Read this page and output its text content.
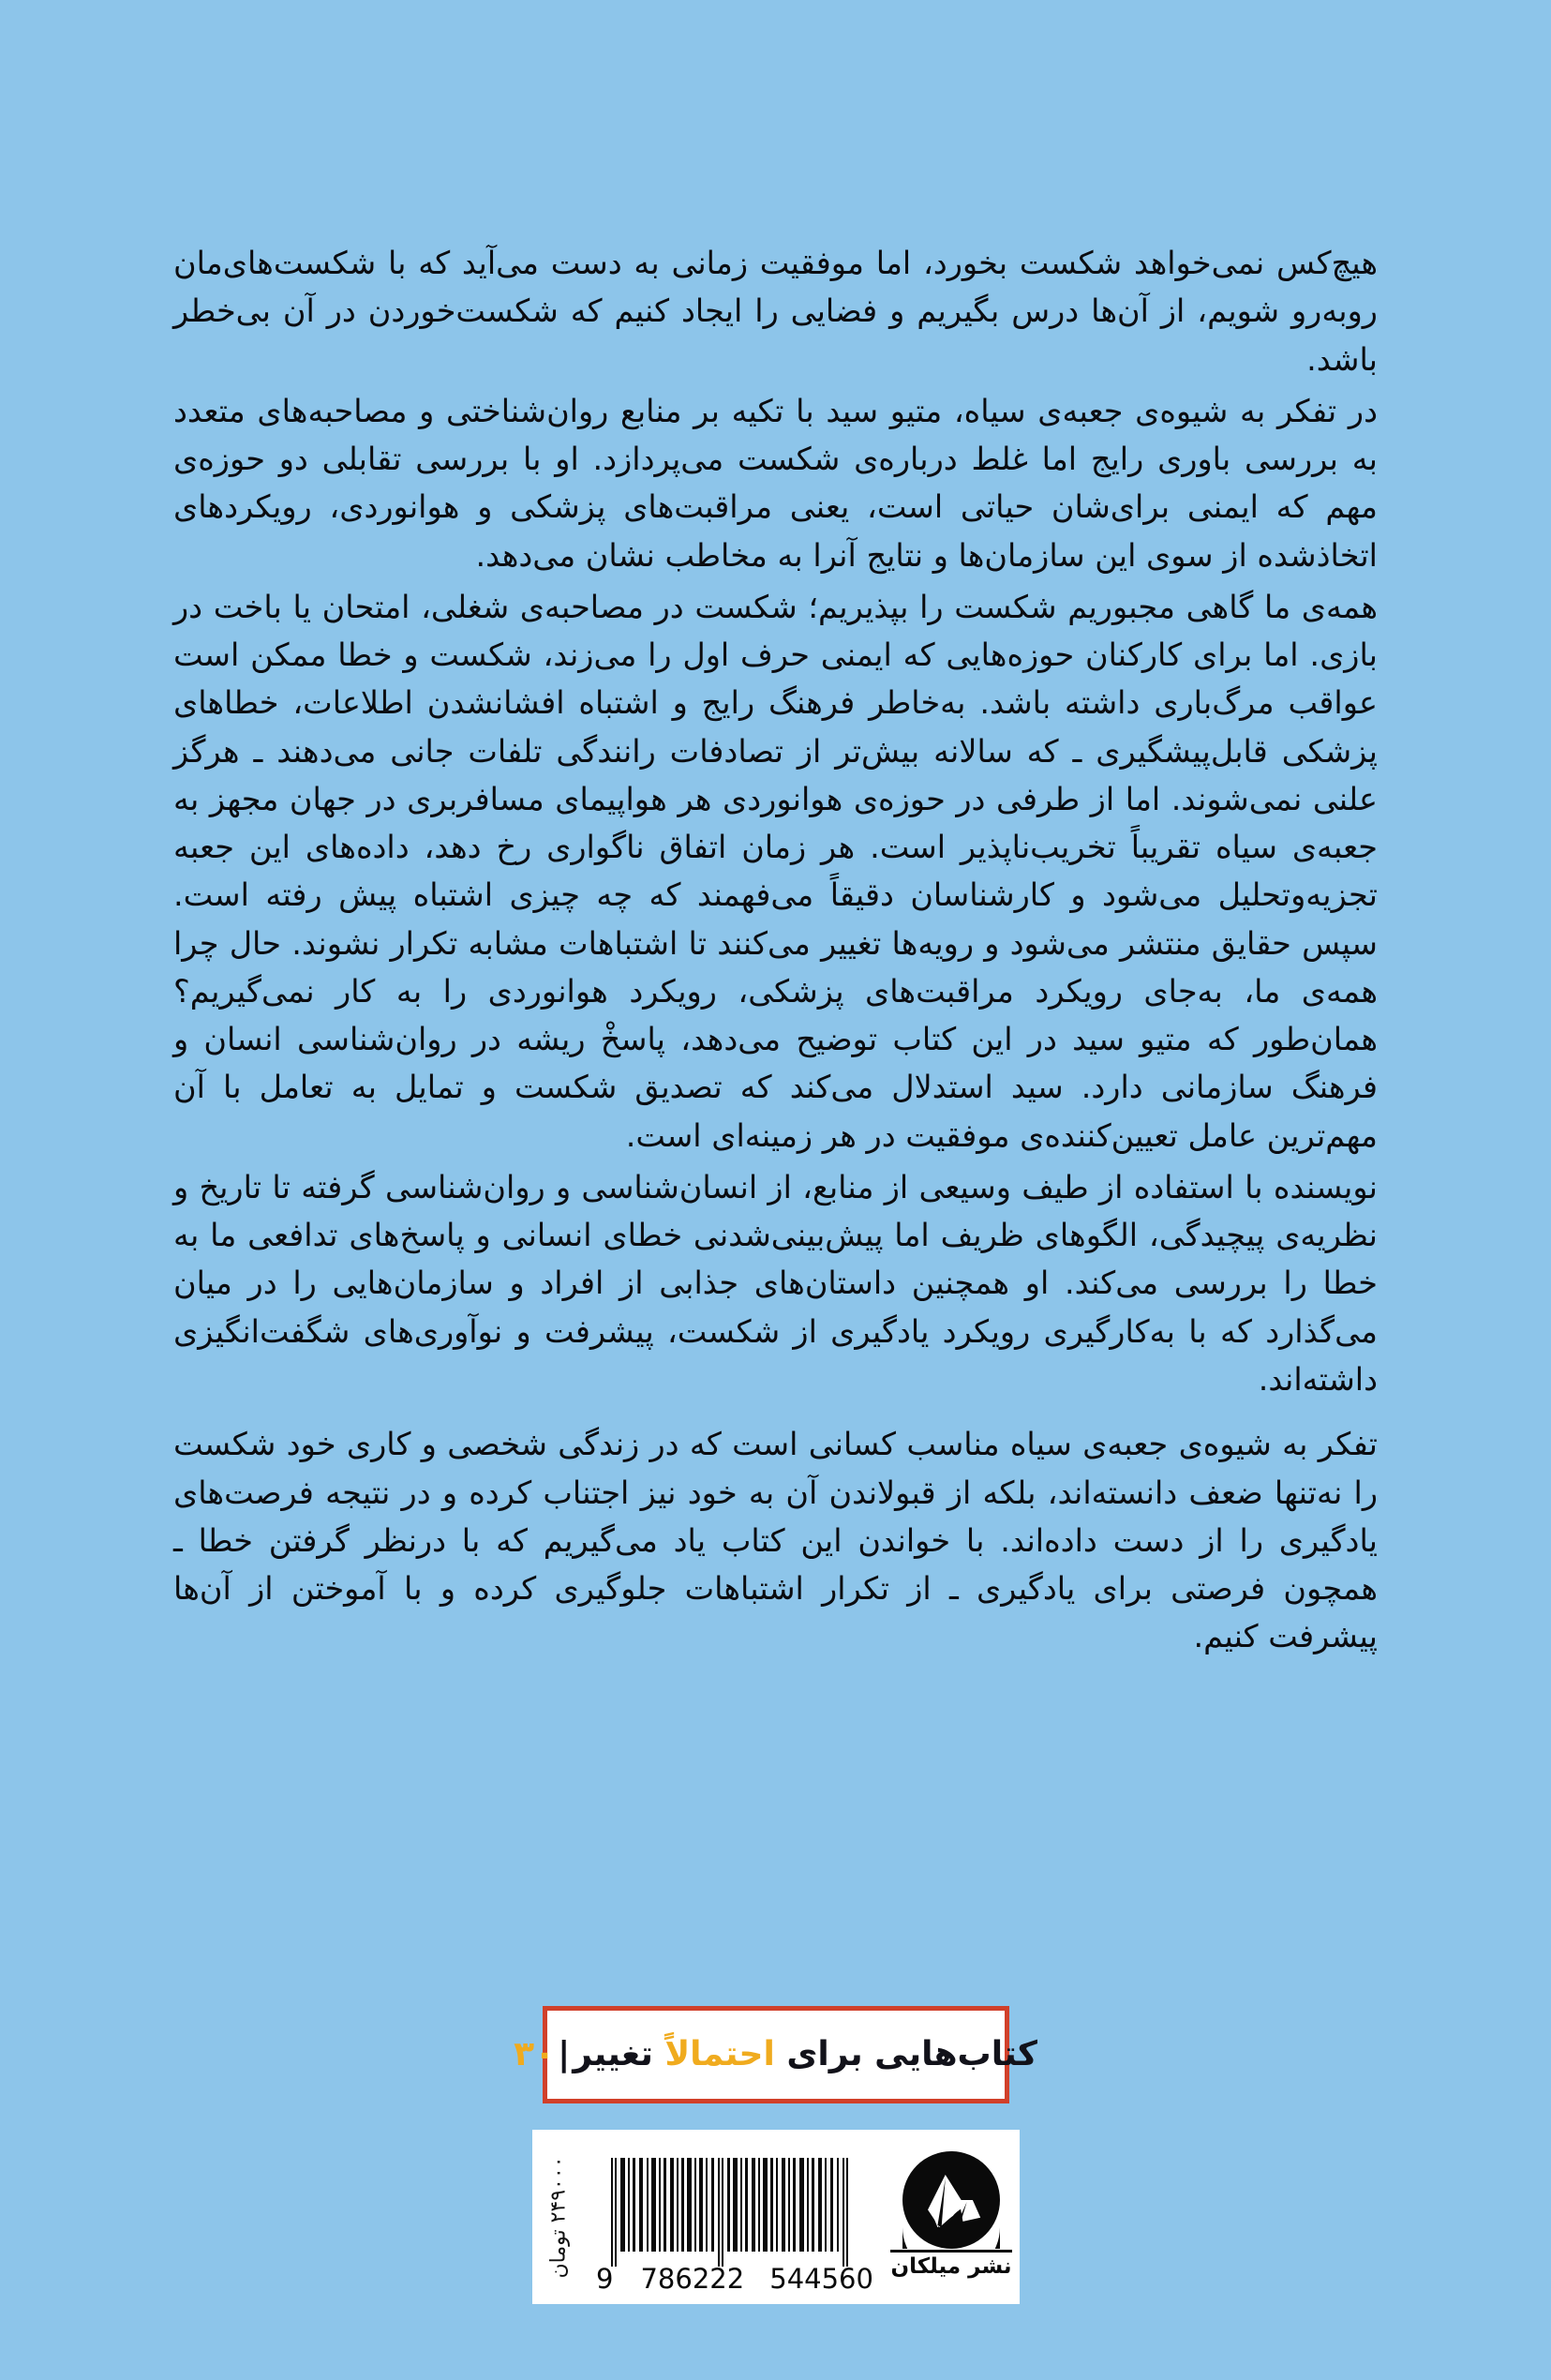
هیچ‌کس نمی‌خواهد شکست بخورد، اما موفقیت زمانی به دست می‌آید که با شکست‌های‌مان روبه‌رو شویم، از آن‌ها درس بگیریم و فضایی را ایجاد کنیم که شکست‌خوردن در آن بی‌خطر باشد.

در تفکر به شیوه‌ی جعبه‌ی سیاه، متیو سید با تکیه بر منابع روان‌شناختی و مصاحبه‌های متعدد به بررسی باوری رایج اما غلط درباره‌ی شکست می‌پردازد. او با بررسی تقابلی دو حوزه‌ی مهم که ایمنی برای‌شان حیاتی است، یعنی مراقبت‌های پزشکی و هوانوردی، رویکردهای اتخاذشده از سوی این سازمان‌ها و نتایج آنرا به مخاطب نشان می‌دهد.

همه‌ی ما گاهی مجبوریم شکست را بپذیریم؛ شکست در مصاحبه‌ی شغلی، امتحان یا باخت در بازی. اما برای کارکنان حوزه‌هایی که ایمنی حرف اول را می‌زند، شکست و خطا ممکن است عواقب مرگ‌باری داشته باشد. به‌خاطر فرهنگ رایج و اشتباه افشانشدن اطلاعات، خطاهای پزشکی قابل‌پیشگیری ـ که سالانه بیش‌تر از تصادفات رانندگی تلفات جانی می‌دهند ـ هرگز علنی نمی‌شوند. اما از طرفی در حوزه‌ی هوانوردی هر هواپیمای مسافربری در جهان مجهز به جعبه‌ی سیاه تقریباً تخریب‌ناپذیر است. هر زمان اتفاق ناگواری رخ دهد، داده‌های این جعبه تجزیه‌وتحلیل می‌شود و کارشناسان دقیقاً می‌فهمند که چه چیزی اشتباه پیش رفته است. سپس حقایق منتشر می‌شود و رویه‌ها تغییر می‌کنند تا اشتباهات مشابه تکرار نشوند. حال چرا همه‌ی ما، به‌جای رویکرد مراقبت‌های پزشکی، رویکرد هوانوردی را به کار نمی‌گیریم؟ همان‌طور که متیو سید در این کتاب توضیح می‌دهد، پاسخْ ریشه در روان‌شناسی انسان و فرهنگ سازمانی دارد. سید استدلال می‌کند که تصدیق شکست و تمایل به تعامل با آن مهم‌ترین عامل تعیین‌کننده‌ی موفقیت در هر زمینه‌ای است.

نویسنده با استفاده از طیف وسیعی از منابع، از انسان‌شناسی و روان‌شناسی گرفته تا تاریخ و نظریه‌ی پیچیدگی، الگوهای ظریف اما پیش‌بینی‌شدنی خطای انسانی و پاسخ‌های تدافعی ما به خطا را بررسی می‌کند. او همچنین داستان‌های جذابی از افراد و سازمان‌هایی را در میان می‌گذارد که با به‌کارگیری رویکرد یادگیری از شکست، پیشرفت و نوآوری‌های شگفت‌انگیزی داشته‌اند.

تفکر به شیوه‌ی جعبه‌ی سیاه مناسب کسانی است که در زندگی شخصی و کاری خود شکست را نه‌تنها ضعف دانسته‌اند، بلکه از قبولاندن آن به خود نیز اجتناب کرده و در نتیجه فرصت‌های یادگیری را از دست داده‌اند. با خواندن این کتاب یاد می‌گیریم که با درنظر گرفتن خطا ـ همچون فرصتی برای یادگیری ـ از تکرار اشتباهات جلوگیری کرده و با آموختن از آن‌ها پیشرفت کنیم.

کتاب‌هایی برای احتمالاً تغییر|۳۰
۲۴۹۰۰۰ تومان
9 786222 544560 نشر میلکان
